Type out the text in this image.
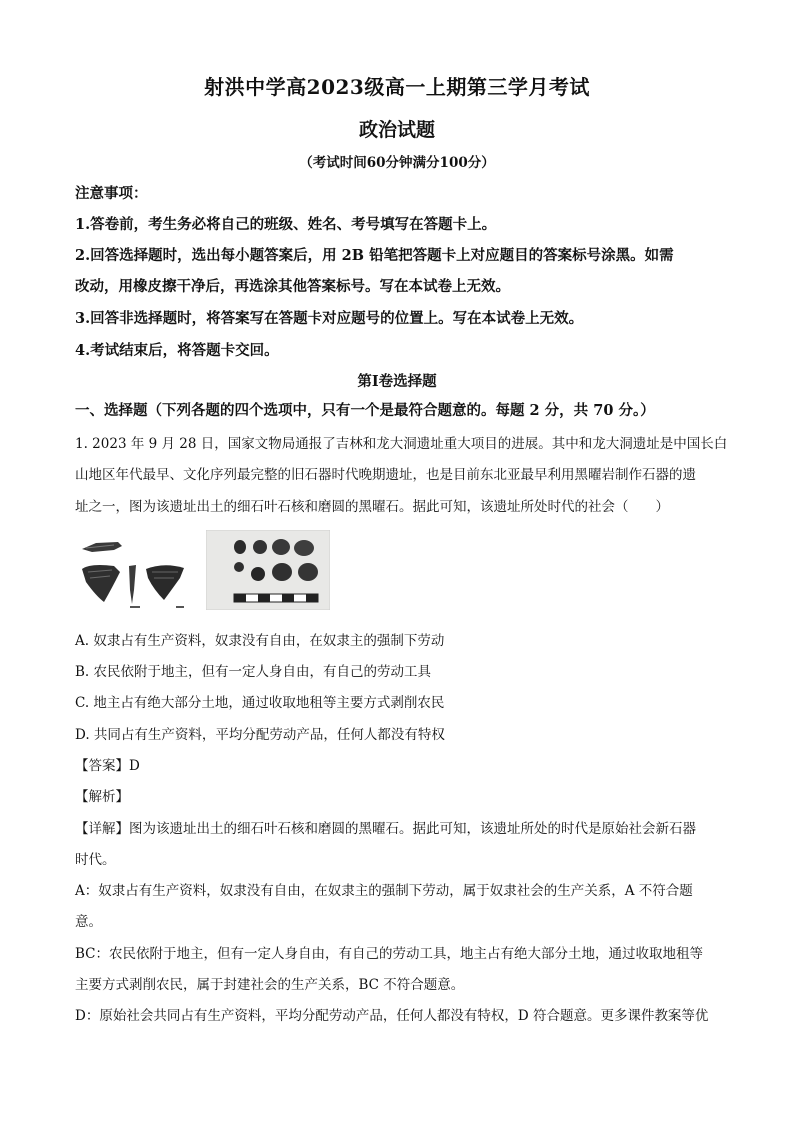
射洪中学高2023级高一上期第三学月考试
政治试题
（考试时间60分钟满分100分）
注意事项：
1.答卷前，考生务必将自己的班级、姓名、考号填写在答题卡上。
2.回答选择题时，选出每小题答案后，用 2B 铅笔把答题卡上对应题目的答案标号涂黑。如需
改动，用橡皮擦干净后，再选涂其他答案标号。写在本试卷上无效。
3.回答非选择题时，将答案写在答题卡对应题号的位置上。写在本试卷上无效。
4.考试结束后，将答题卡交回。
第Ⅰ卷选择题
一、选择题（下列各题的四个选项中，只有一个是最符合题意的。每题 2 分，共 70 分。）
1. 2023 年 9 月 28 日，国家文物局通报了吉林和龙大洞遗址重大项目的进展。其中和龙大洞遗址是中国长白
山地区年代最早、文化序列最完整的旧石器时代晚期遗址，也是目前东北亚最早利用黑曜岩制作石器的遗
址之一，图为该遗址出土的细石叶石核和磨圆的黑曜石。据此可知，该遗址所处时代的社会（　　）
A. 奴隶占有生产资料，奴隶没有自由，在奴隶主的强制下劳动
B. 农民依附于地主，但有一定人身自由，有自己的劳动工具
C. 地主占有绝大部分土地，通过收取地租等主要方式剥削农民
D. 共同占有生产资料，平均分配劳动产品，任何人都没有特权
【答案】D
【解析】
【详解】图为该遗址出土的细石叶石核和磨圆的黑曜石。据此可知，该遗址所处的时代是原始社会新石器
时代。
A：奴隶占有生产资料，奴隶没有自由，在奴隶主的强制下劳动，属于奴隶社会的生产关系，A 不符合题
意。
BC：农民依附于地主，但有一定人身自由，有自己的劳动工具，地主占有绝大部分土地，通过收取地租等
主要方式剥削农民，属于封建社会的生产关系，BC 不符合题意。
D：原始社会共同占有生产资料，平均分配劳动产品，任何人都没有特权，D 符合题意。更多课件教案等优
